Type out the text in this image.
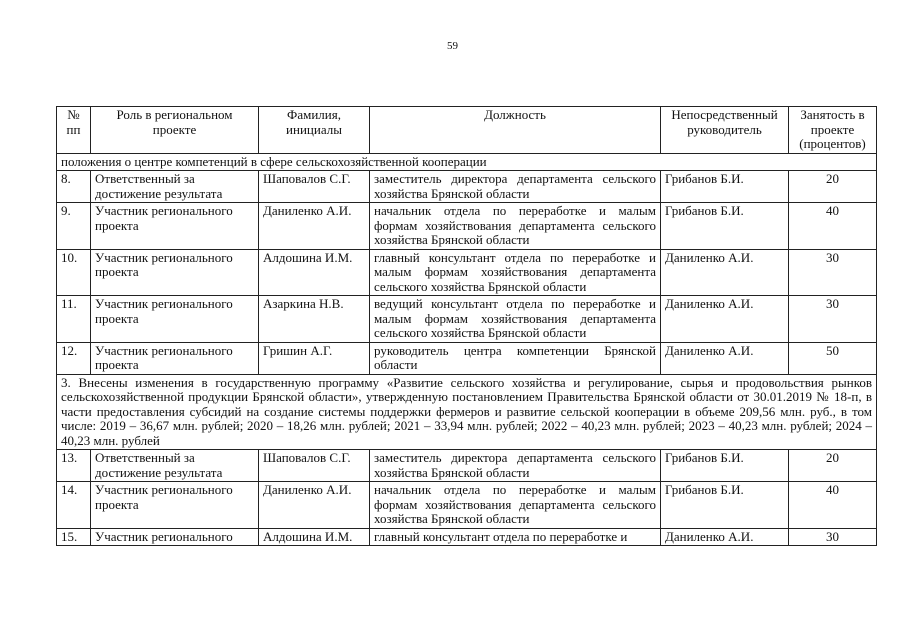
59
№ пп	Роль в региональном проекте	Фамилия, инициалы	Должность	Непосредственный руководитель	Занятость в проекте (процентов)
положения о центре компетенций в сфере сельскохозяйственной кооперации					
8.	Ответственный за достижение результата	Шаповалов С.Г.	заместитель директора департамента сельского хозяйства Брянской области	Грибанов Б.И.	20
9.	Участник регионального проекта	Даниленко А.И.	начальник отдела по переработке и малым формам хозяйствования департамента сельского хозяйства Брянской области	Грибанов Б.И.	40
10.	Участник регионального проекта	Алдошина И.М.	главный консультант отдела по переработке и малым формам хозяйствования департамента сельского хозяйства Брянской области	Даниленко А.И.	30
11.	Участник регионального проекта	Азаркина Н.В.	ведущий консультант отдела по переработке и малым формам хозяйствования департамента сельского хозяйства Брянской области	Даниленко А.И.	30
12.	Участник регионального проекта	Гришин А.Г.	руководитель центра компетенции Брянской области	Даниленко А.И.	50
3. Внесены изменения в государственную программу «Развитие сельского хозяйства и регулирование, сырья и продовольствия рынков сельскохозяйственной продукции Брянской области», утвержденную постановлением Правительства Брянской области от 30.01.2019 № 18-п, в части предоставления субсидий на создание системы поддержки фермеров и развитие сельской кооперации в объеме 209,56 млн. руб., в том числе: 2019 – 36,67 млн. рублей; 2020 – 18,26 млн. рублей; 2021 – 33,94 млн. рублей; 2022 – 40,23 млн. рублей; 2023 – 40,23 млн. рублей; 2024 – 40,23 млн. рублей					
13.	Ответственный за достижение результата	Шаповалов С.Г.	заместитель директора департамента сельского хозяйства Брянской области	Грибанов Б.И.	20
14.	Участник регионального проекта	Даниленко А.И.	начальник отдела по переработке и малым формам хозяйствования департамента сельского хозяйства Брянской области	Грибанов Б.И.	40
15.	Участник регионального	Алдошина И.М.	главный консультант отдела по переработке и	Даниленко А.И.	30
